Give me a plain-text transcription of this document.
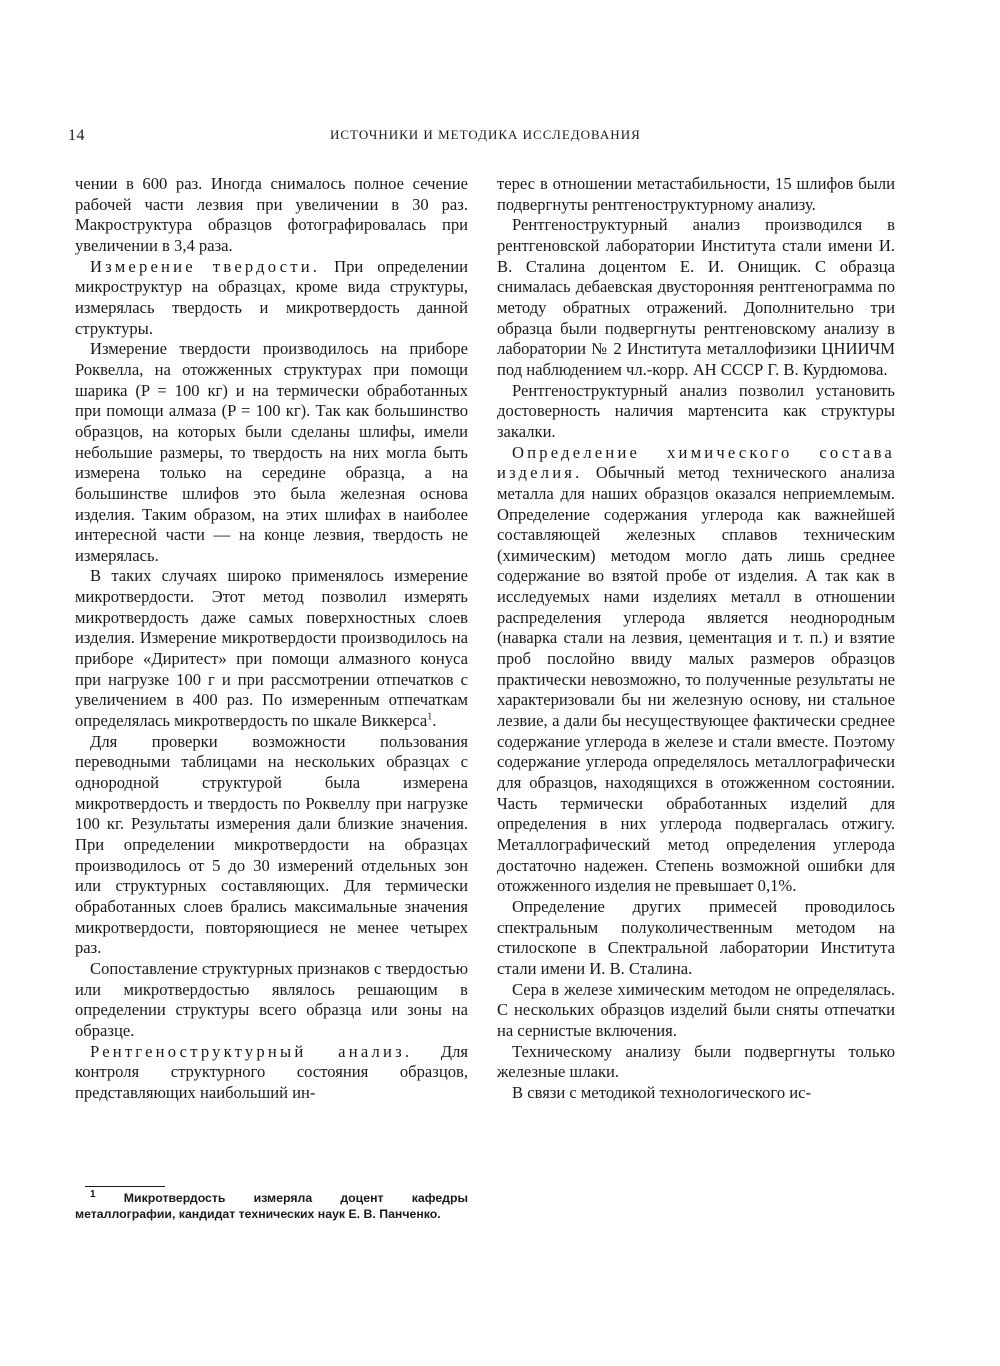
14	ИСТОЧНИКИ И МЕТОДИКА ИССЛЕДОВАНИЯ

чении в 600 раз. Иногда снималось полное сечение рабочей части лезвия при увеличении в 30 раз. Макроструктура образцов фотографировалась при увеличении в 3,4 раза.

Измерение твердости. При определении микроструктур на образцах, кроме вида структуры, измерялась твердость и микротвердость данной структуры.

Измерение твердости производилось на приборе Роквелла, на отожженных структурах при помощи шарика (P = 100 кг) и на термически обработанных при помощи алмаза (P = 100 кг). Так как большинство образцов, на которых были сделаны шлифы, имели небольшие размеры, то твердость на них могла быть измерена только на середине образца, а на большинстве шлифов это была железная основа изделия. Таким образом, на этих шлифах в наиболее интересной части — на конце лезвия, твердость не измерялась.

В таких случаях широко применялось измерение микротвердости. Этот метод позволил измерять микротвердость даже самых поверхностных слоев изделия. Измерение микротвердости производилось на приборе «Диритест» при помощи алмазного конуса при нагрузке 100 г и при рассмотрении отпечатков с увеличением в 400 раз. По измеренным отпечаткам определялась микротвердость по шкале Виккерса$^1$.

Для проверки возможности пользования переводными таблицами на нескольких образцах с однородной структурой была измерена микротвердость и твердость по Роквеллу при нагрузке 100 кг. Результаты измерения дали близкие значения. При определении микротвердости на образцах производилось от 5 до 30 измерений отдельных зон или структурных составляющих. Для термически обработанных слоев брались максимальные значения микротвердости, повторяющиеся не менее четырех раз.

Сопоставление структурных признаков с твердостью или микротвердостью являлось решающим в определении структуры всего образца или зоны на образце.

Рентгеноструктурный анализ. Для контроля структурного состояния образцов, представляющих наибольший ин-

$^1$ Микротвердость измеряла доцент кафедры металлографии, кандидат технических наук Е. В. Панченко.

терес в отношении метастабильности, 15 шлифов были подвергнуты рентгеноструктурному анализу.

Рентгеноструктурный анализ производился в рентгеновской лаборатории Института стали имени И. В. Сталина доцентом Е. И. Онищик. С образца снималась дебаевская двусторонняя рентгенограмма по методу обратных отражений. Дополнительно три образца были подвергнуты рентгеновскому анализу в лаборатории № 2 Института металлофизики ЦНИИЧМ под наблюдением чл.-корр. АН СССР Г. В. Курдюмова.

Рентгеноструктурный анализ позволил установить достоверность наличия мартенсита как структуры закалки.

Определение химического состава изделия. Обычный метод технического анализа металла для наших образцов оказался неприемлемым. Определение содержания углерода как важнейшей составляющей железных сплавов техническим (химическим) методом могло дать лишь среднее содержание во взятой пробе от изделия. А так как в исследуемых нами изделиях металл в отношении распределения углерода является неоднородным (наварка стали на лезвия, цементация и т. п.) и взятие проб послойно ввиду малых размеров образцов практически невозможно, то полученные результаты не характеризовали бы ни железную основу, ни стальное лезвие, а дали бы несуществующее фактически среднее содержание углерода в железе и стали вместе. Поэтому содержание углерода определялось металлографически для образцов, находящихся в отожженном состоянии. Часть термически обработанных изделий для определения в них углерода подвергалась отжигу. Металлографический метод определения углерода достаточно надежен. Степень возможной ошибки для отожженного изделия не превышает 0,1%.

Определение других примесей проводилось спектральным полуколичественным методом на стилоскопе в Спектральной лаборатории Института стали имени И. В. Сталина.

Сера в железе химическим методом не определялась. С нескольких образцов изделий были сняты отпечатки на сернистые включения.

Техническому анализу были подвергнуты только железные шлаки.

В связи с методикой технологического ис-
